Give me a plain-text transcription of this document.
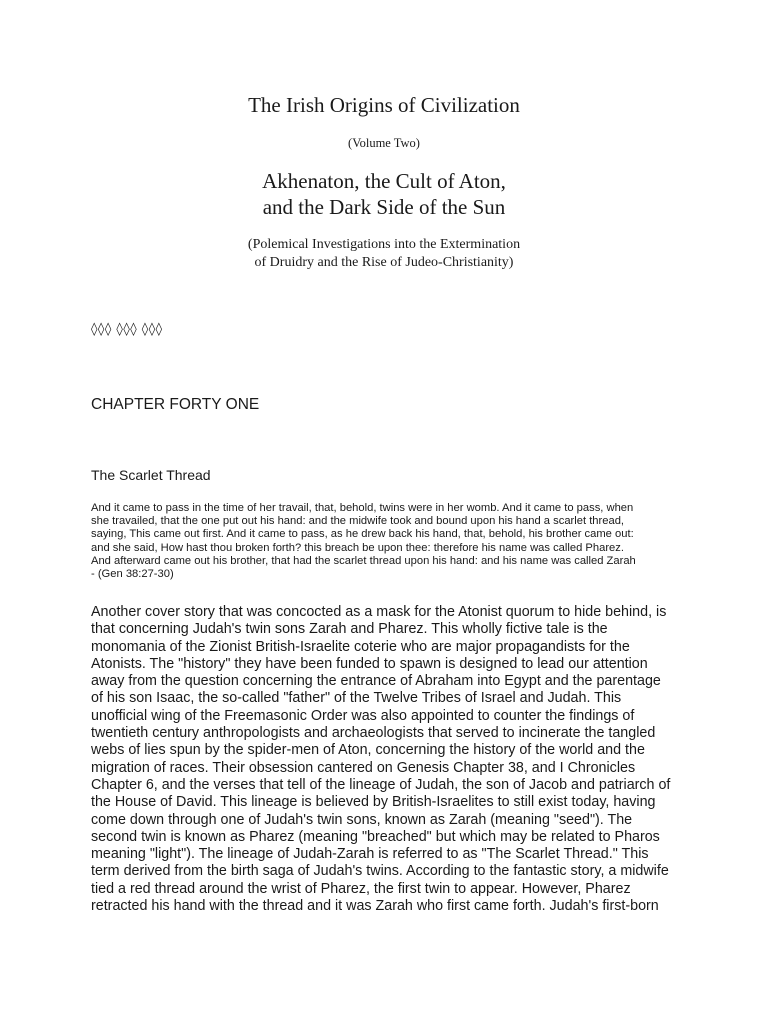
The Irish Origins of Civilization
(Volume Two)
Akhenaton, the Cult of Aton,
and the Dark Side of the Sun
(Polemical Investigations into the Extermination
of Druidry and the Rise of Judeo-Christianity)
◊◊◊ ◊◊◊ ◊◊◊
CHAPTER FORTY ONE
The Scarlet Thread

And it came to pass in the time of her travail, that, behold, twins were in her womb. And it came to pass, when
she travailed, that the one put out his hand: and the midwife took and bound upon his hand a scarlet thread,
saying, This came out first. And it came to pass, as he drew back his hand, that, behold, his brother came out:
and she said, How hast thou broken forth? this breach be upon thee: therefore his name was called Pharez.
And afterward came out his brother, that had the scarlet thread upon his hand: and his name was called Zarah
- (Gen 38:27-30)

Another cover story that was concocted as a mask for the Atonist quorum to hide behind, is
that concerning Judah's twin sons Zarah and Pharez. This wholly fictive tale is the
monomania of the Zionist British-Israelite coterie who are major propagandists for the
Atonists. The "history" they have been funded to spawn is designed to lead our attention
away from the question concerning the entrance of Abraham into Egypt and the parentage
of his son Isaac, the so-called "father" of the Twelve Tribes of Israel and Judah. This
unofficial wing of the Freemasonic Order was also appointed to counter the findings of
twentieth century anthropologists and archaeologists that served to incinerate the tangled
webs of lies spun by the spider-men of Aton, concerning the history of the world and the
migration of races. Their obsession cantered on Genesis Chapter 38, and I Chronicles
Chapter 6, and the verses that tell of the lineage of Judah, the son of Jacob and patriarch of
the House of David. This lineage is believed by British-Israelites to still exist today, having
come down through one of Judah's twin sons, known as Zarah (meaning "seed"). The
second twin is known as Pharez (meaning "breached" but which may be related to Pharos
meaning "light"). The lineage of Judah-Zarah is referred to as "The Scarlet Thread." This
term derived from the birth saga of Judah's twins. According to the fantastic story, a midwife
tied a red thread around the wrist of Pharez, the first twin to appear. However, Pharez
retracted his hand with the thread and it was Zarah who first came forth. Judah's first-born
